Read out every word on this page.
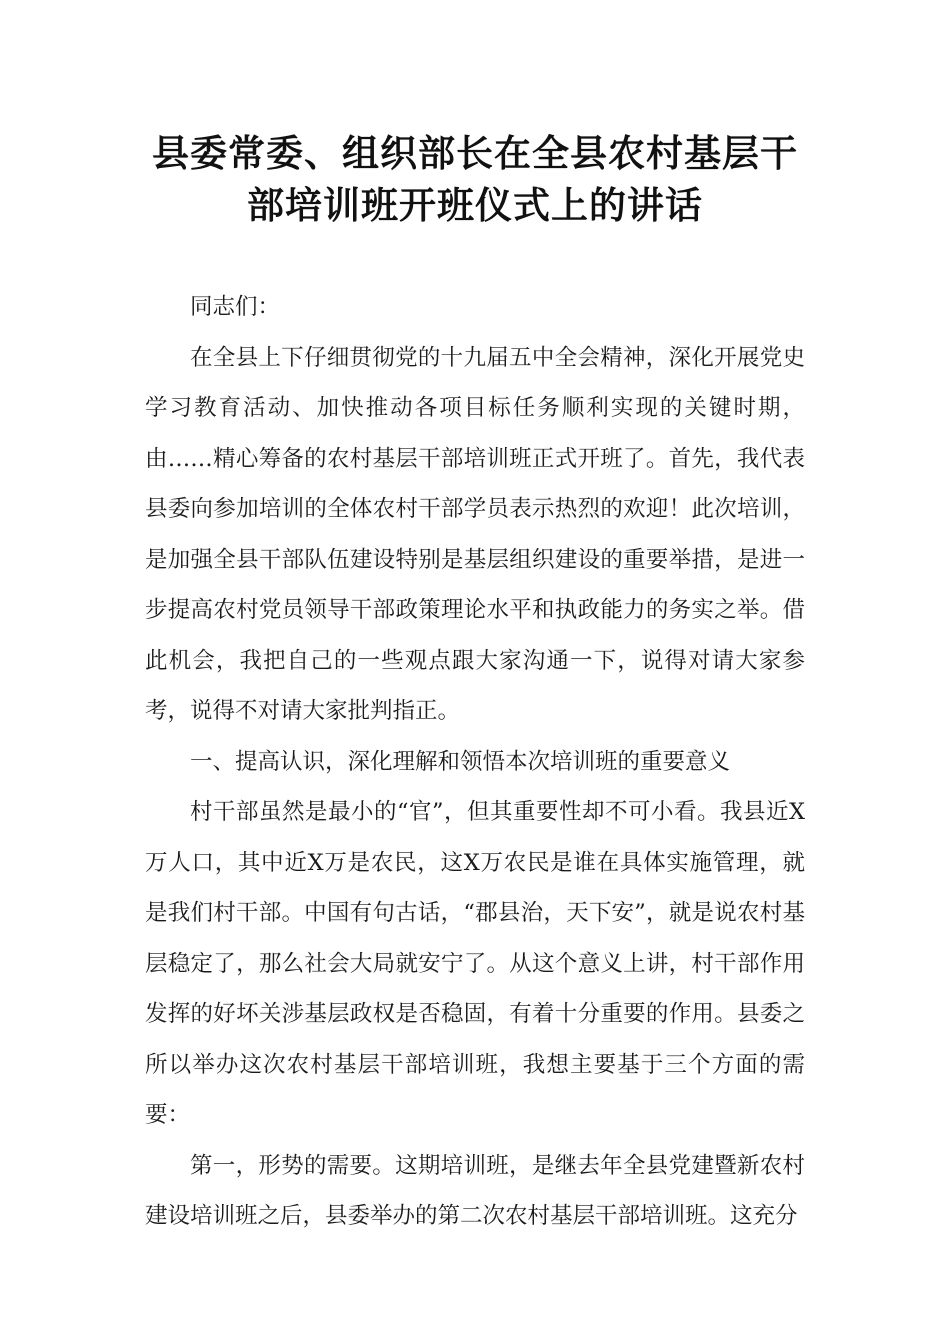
县委常委、组织部长在全县农村基层干
部培训班开班仪式上的讲话

同志们：

在全县上下仔细贯彻党的十九届五中全会精神，深化开展党史学习教育活动、加快推动各项目标任务顺利实现的关键时期，由……精心筹备的农村基层干部培训班正式开班了。首先，我代表县委向参加培训的全体农村干部学员表示热烈的欢迎！此次培训，是加强全县干部队伍建设特别是基层组织建设的重要举措，是进一步提高农村党员领导干部政策理论水平和执政能力的务实之举。借此机会，我把自己的一些观点跟大家沟通一下，说得对请大家参考，说得不对请大家批判指正。

一、提高认识，深化理解和领悟本次培训班的重要意义

村干部虽然是最小的“官”，但其重要性却不可小看。我县近X万人口，其中近X万是农民，这X万农民是谁在具体实施管理，就是我们村干部。中国有句古话，“郡县治，天下安”，就是说农村基层稳定了，那么社会大局就安宁了。从这个意义上讲，村干部作用发挥的好坏关涉基层政权是否稳固，有着十分重要的作用。县委之所以举办这次农村基层干部培训班，我想主要基于三个方面的需要：

第一，形势的需要。这期培训班，是继去年全县党建暨新农村建设培训班之后，县委举办的第二次农村基层干部培训班。这充分
